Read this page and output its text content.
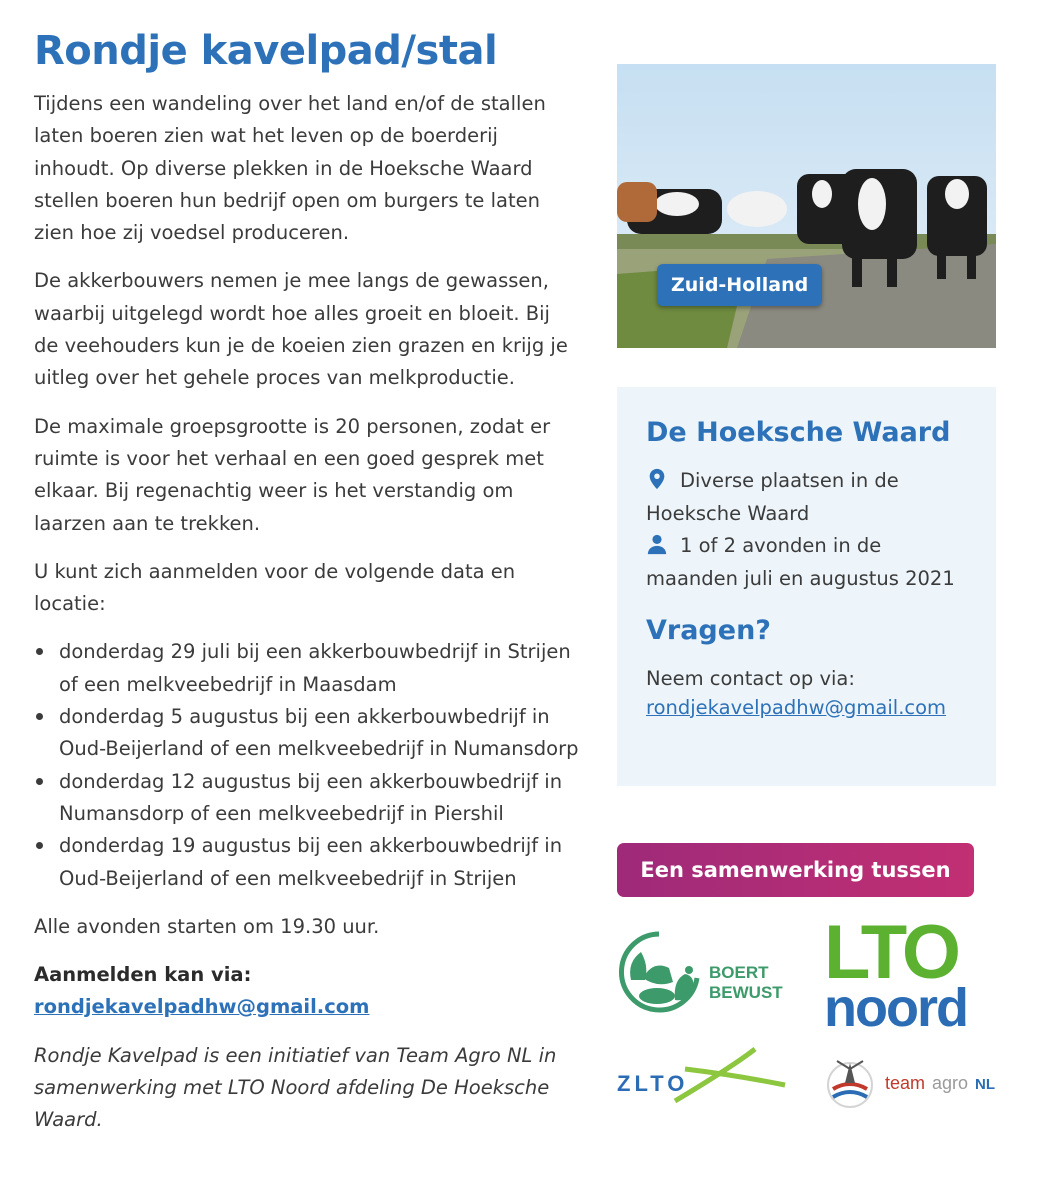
Rondje kavelpad/stal

Tijdens een wandeling over het land en/of de stallen laten boeren zien wat het leven op de boerderij inhoudt. Op diverse plekken in de Hoeksche Waard stellen boeren hun bedrijf open om burgers te laten zien hoe zij voedsel produceren.

De akkerbouwers nemen je mee langs de gewassen, waarbij uitgelegd wordt hoe alles groeit en bloeit. Bij de veehouders kun je de koeien zien grazen en krijg je uitleg over het gehele proces van melkproductie.

De maximale groepsgrootte is 20 personen, zodat er ruimte is voor het verhaal en een goed gesprek met elkaar. Bij regenachtig weer is het verstandig om laarzen aan te trekken.

U kunt zich aanmelden voor de volgende data en locatie:

donderdag 29 juli bij een akkerbouwbedrijf in Strijen of een melkveebedrijf in Maasdam
donderdag 5 augustus bij een akkerbouwbedrijf in Oud-Beijerland of een melkveebedrijf in Numansdorp
donderdag 12 augustus bij een akkerbouwbedrijf in Numansdorp of een melkveebedrijf in Piershil
donderdag 19 augustus bij een akkerbouwbedrijf in Oud-Beijerland of een melkveebedrijf in Strijen

Alle avonden starten om 19.30 uur.

Aanmelden kan via: rondjekavelpadhw@gmail.com

Rondje Kavelpad is een initiatief van Team Agro NL in samenwerking met LTO Noord afdeling De Hoeksche Waard.

Zuid-Holland
De Hoeksche Waard
Diverse plaatsen in de Hoeksche Waard
1 of 2 avonden in de maanden juli en augustus 2021
Vragen?
Neem contact op via:
rondjekavelpadhw@gmail.com
Een samenwerking tussen
BOERT
BEWUST LTO
noord
ZLTO	team agro NL
